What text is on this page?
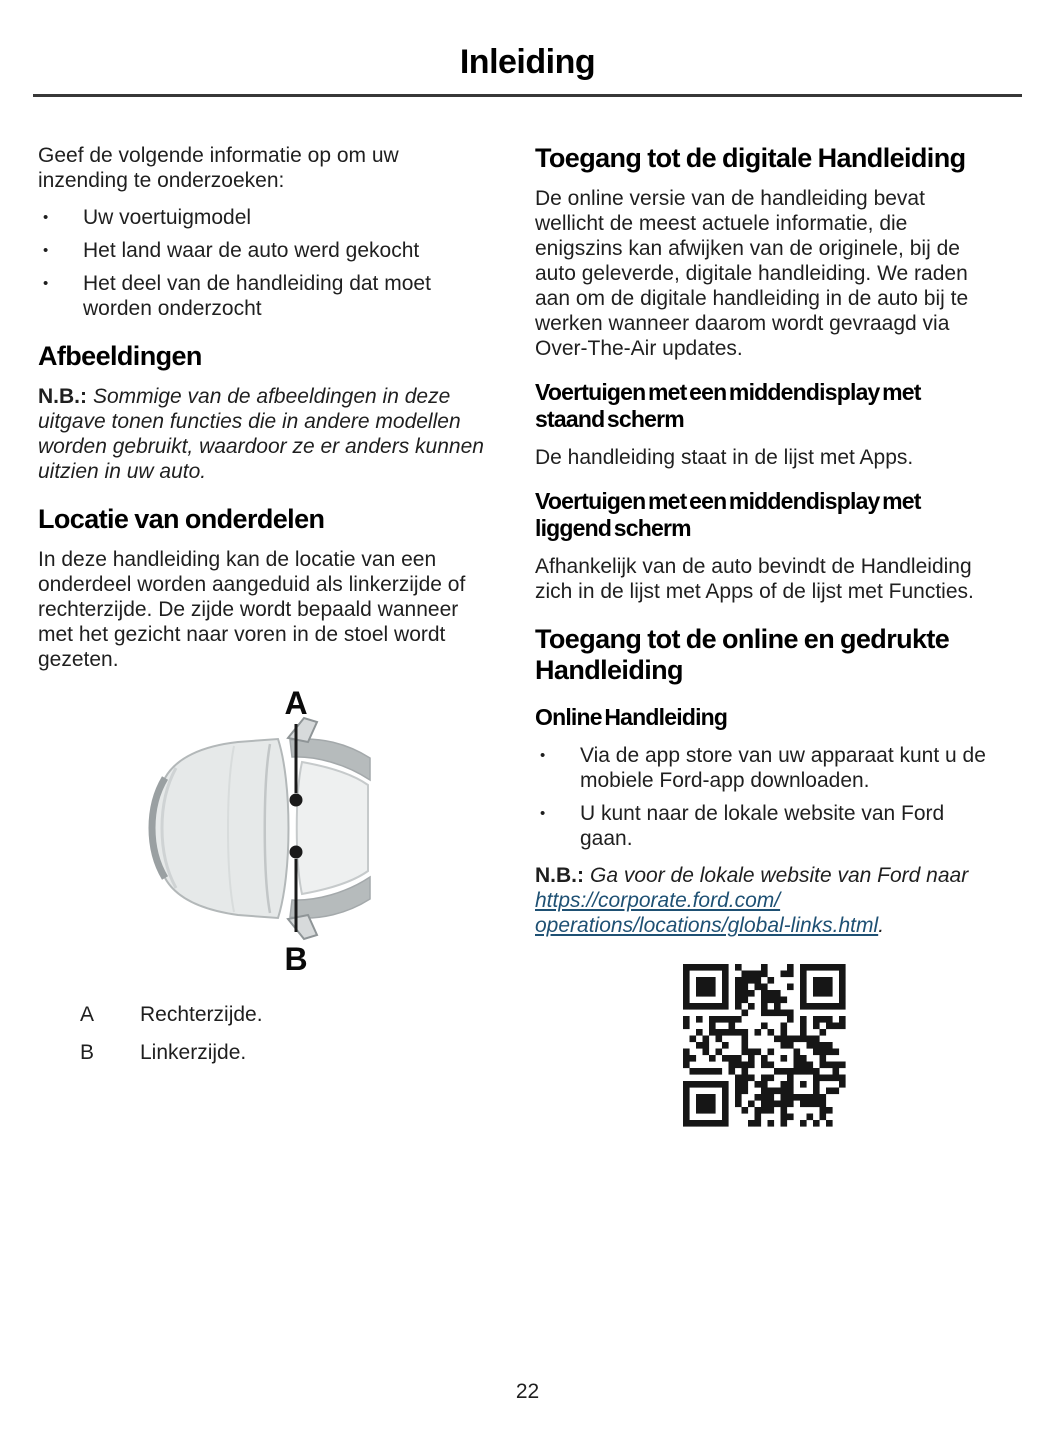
Inleiding

Geef de volgende informatie op om uw inzending te onderzoeken:

•	Uw voertuigmodel
•	Het land waar de auto werd gekocht
•	Het deel van de handleiding dat moet worden onderzocht
Afbeeldingen

N.B.: Sommige van de afbeeldingen in deze uitgave tonen functies die in andere modellen worden gebruikt, waardoor ze er anders kunnen uitzien in uw auto.

Locatie van onderdelen

In deze handleiding kan de locatie van een onderdeel worden aangeduid als linkerzijde of rechterzijde. De zijde wordt bepaald wanneer met het gezicht naar voren in de stoel wordt gezeten.

A
B
A	Rechterzijde.
B	Linkerzijde.
Toegang tot de digitale Handleiding

De online versie van de handleiding bevat wellicht de meest actuele informatie, die enigszins kan afwijken van de originele, bij de auto geleverde, digitale handleiding. We raden aan om de digitale handleiding in de auto bij te werken wanneer daarom wordt gevraagd via Over-The-Air updates.

Voertuigen met een middendisplay met staand scherm

De handleiding staat in de lijst met Apps.

Voertuigen met een middendisplay met liggend scherm

Afhankelijk van de auto bevindt de Handleiding zich in de lijst met Apps of de lijst met Functies.

Toegang tot de online en gedrukte Handleiding
Online Handleiding
•	Via de app store van uw apparaat kunt u de mobiele Ford-app downloaden.
•	U kunt naar de lokale website van Ford gaan.

N.B.: Ga voor de lokale website van Ford naar https://corporate.ford.com/
operations/locations/global-links.html.

22
